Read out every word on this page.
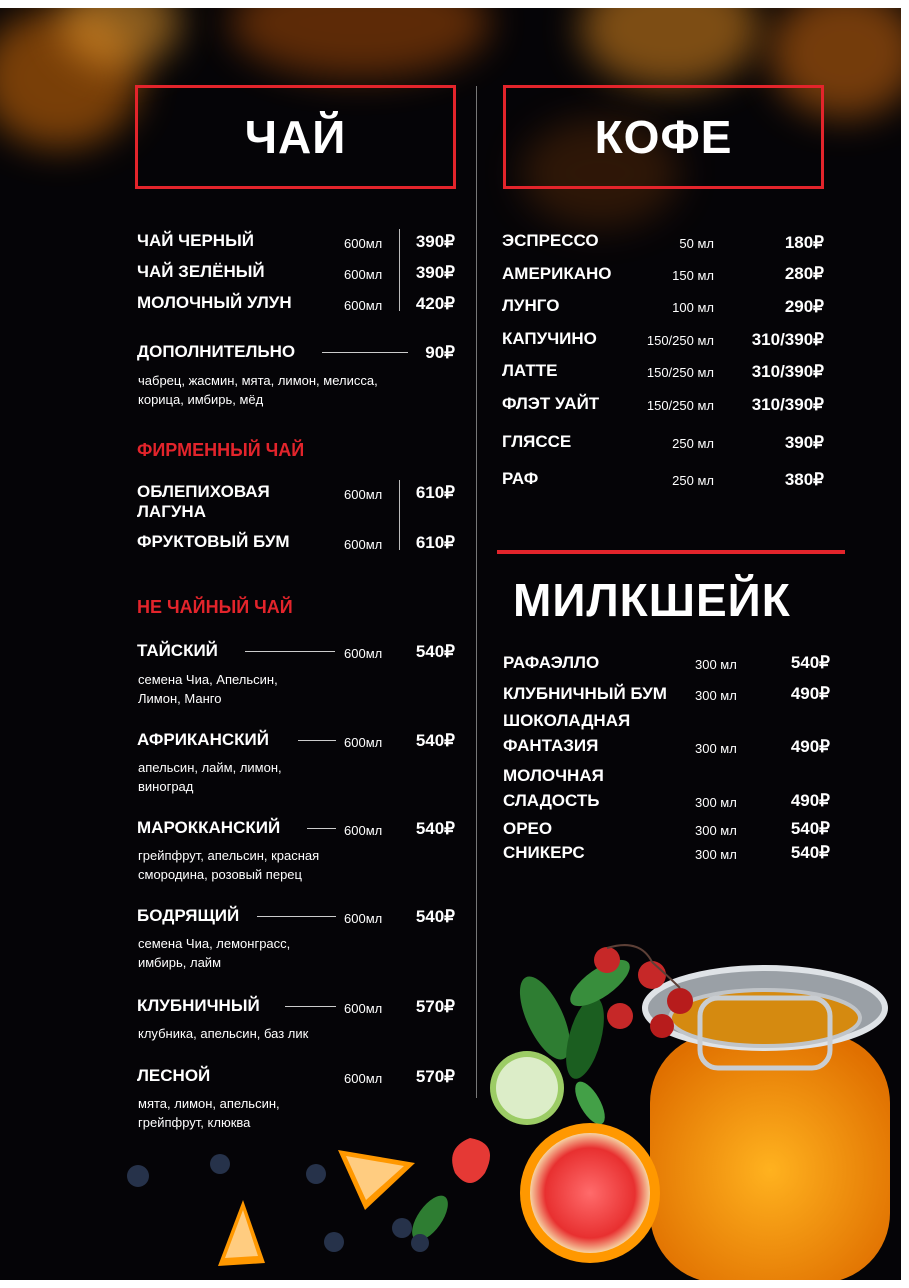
ЧАЙ
ЧАЙ ЧЕРНЫЙ	600мл	390₽
ЧАЙ ЗЕЛЁНЫЙ	600мл	390₽
МОЛОЧНЫЙ УЛУН	600мл	420₽
ДОПОЛНИТЕЛЬНО	90₽
чабрец, жасмин, мята, лимон, мелисса,
корица, имбирь, мёд
ФИРМЕННЫЙ ЧАЙ
ОБЛЕПИХОВАЯ
ЛАГУНА
600мл	610₽
ФРУКТОВЫЙ БУМ	600мл	610₽
НЕ ЧАЙНЫЙ ЧАЙ
ТАЙСКИЙ	600мл	540₽
семена Чиа, Апельсин,
Лимон, Манго
АФРИКАНСКИЙ	600мл	540₽
апельсин, лайм, лимон,
виноград
МАРОККАНСКИЙ	600мл	540₽
грейпфрут, апельсин, красная
смородина, розовый перец
БОДРЯЩИЙ	600мл	540₽
семена Чиа, лемонграсс,
имбирь, лайм
КЛУБНИЧНЫЙ	600мл	570₽
клубника, апельсин, баз лик
ЛЕСНОЙ	600мл	570₽
мята, лимон, апельсин,
грейпфрут, клюква
КОФЕ
ЭСПРЕССО	50 мл	180₽
АМЕРИКАНО	150 мл	280₽
ЛУНГО	100 мл	290₽
КАПУЧИНО	150/250 мл	310/390₽
ЛАТТЕ	150/250 мл	310/390₽
ФЛЭТ УАЙТ	150/250 мл	310/390₽
ГЛЯССЕ	250 мл	390₽
РАФ	250 мл	380₽
МИЛКШЕЙК
РАФАЭЛЛО	300 мл	540₽
КЛУБНИЧНЫЙ БУМ 300 мл	490₽
ШОКОЛАДНАЯ
ФАНТАЗИЯ	300 мл	490₽
МОЛОЧНАЯ
СЛАДОСТЬ	300 мл	490₽
ОРЕО	300 мл	540₽
СНИКЕРС	300 мл	540₽
